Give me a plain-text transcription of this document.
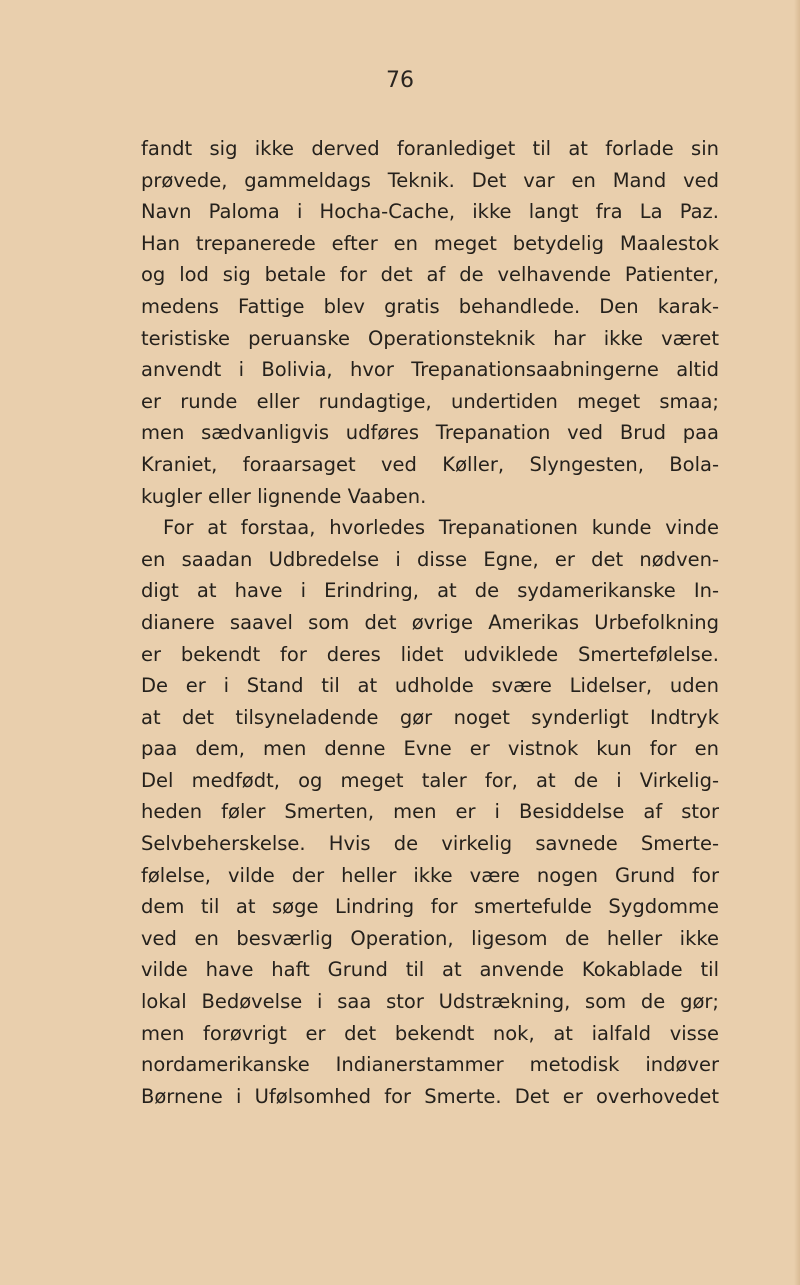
76

fandt sig ikke derved foranlediget til at forlade sin
prøvede, gammeldags Teknik. Det var en Mand ved
Navn Paloma i Hocha-Cache, ikke langt fra La Paz.
Han trepanerede efter en meget betydelig Maalestok
og lod sig betale for det af de velhavende Patienter,
medens Fattige blev gratis behandlede. Den karak-
teristiske peruanske Operationsteknik har ikke været
anvendt i Bolivia, hvor Trepanationsaabningerne altid
er runde eller rundagtige, undertiden meget smaa;
men sædvanligvis udføres Trepanation ved Brud paa
Kraniet, foraarsaget ved Køller, Slyngesten, Bola-
kugler eller lignende Vaaben.
For at forstaa, hvorledes Trepanationen kunde vinde
en saadan Udbredelse i disse Egne, er det nødven-
digt at have i Erindring, at de sydamerikanske In-
dianere saavel som det øvrige Amerikas Urbefolkning
er bekendt for deres lidet udviklede Smertefølelse.
De er i Stand til at udholde svære Lidelser, uden
at det tilsyneladende gør noget synderligt Indtryk
paa dem, men denne Evne er vistnok kun for en
Del medfødt, og meget taler for, at de i Virkelig-
heden føler Smerten, men er i Besiddelse af stor
Selvbeherskelse. Hvis de virkelig savnede Smerte-
følelse, vilde der heller ikke være nogen Grund for
dem til at søge Lindring for smertefulde Sygdomme
ved en besværlig Operation, ligesom de heller ikke
vilde have haft Grund til at anvende Kokablade til
lokal Bedøvelse i saa stor Udstrækning, som de gør;
men forøvrigt er det bekendt nok, at ialfald visse
nordamerikanske Indianerstammer metodisk indøver
Børnene i Ufølsomhed for Smerte. Det er overhovedet
